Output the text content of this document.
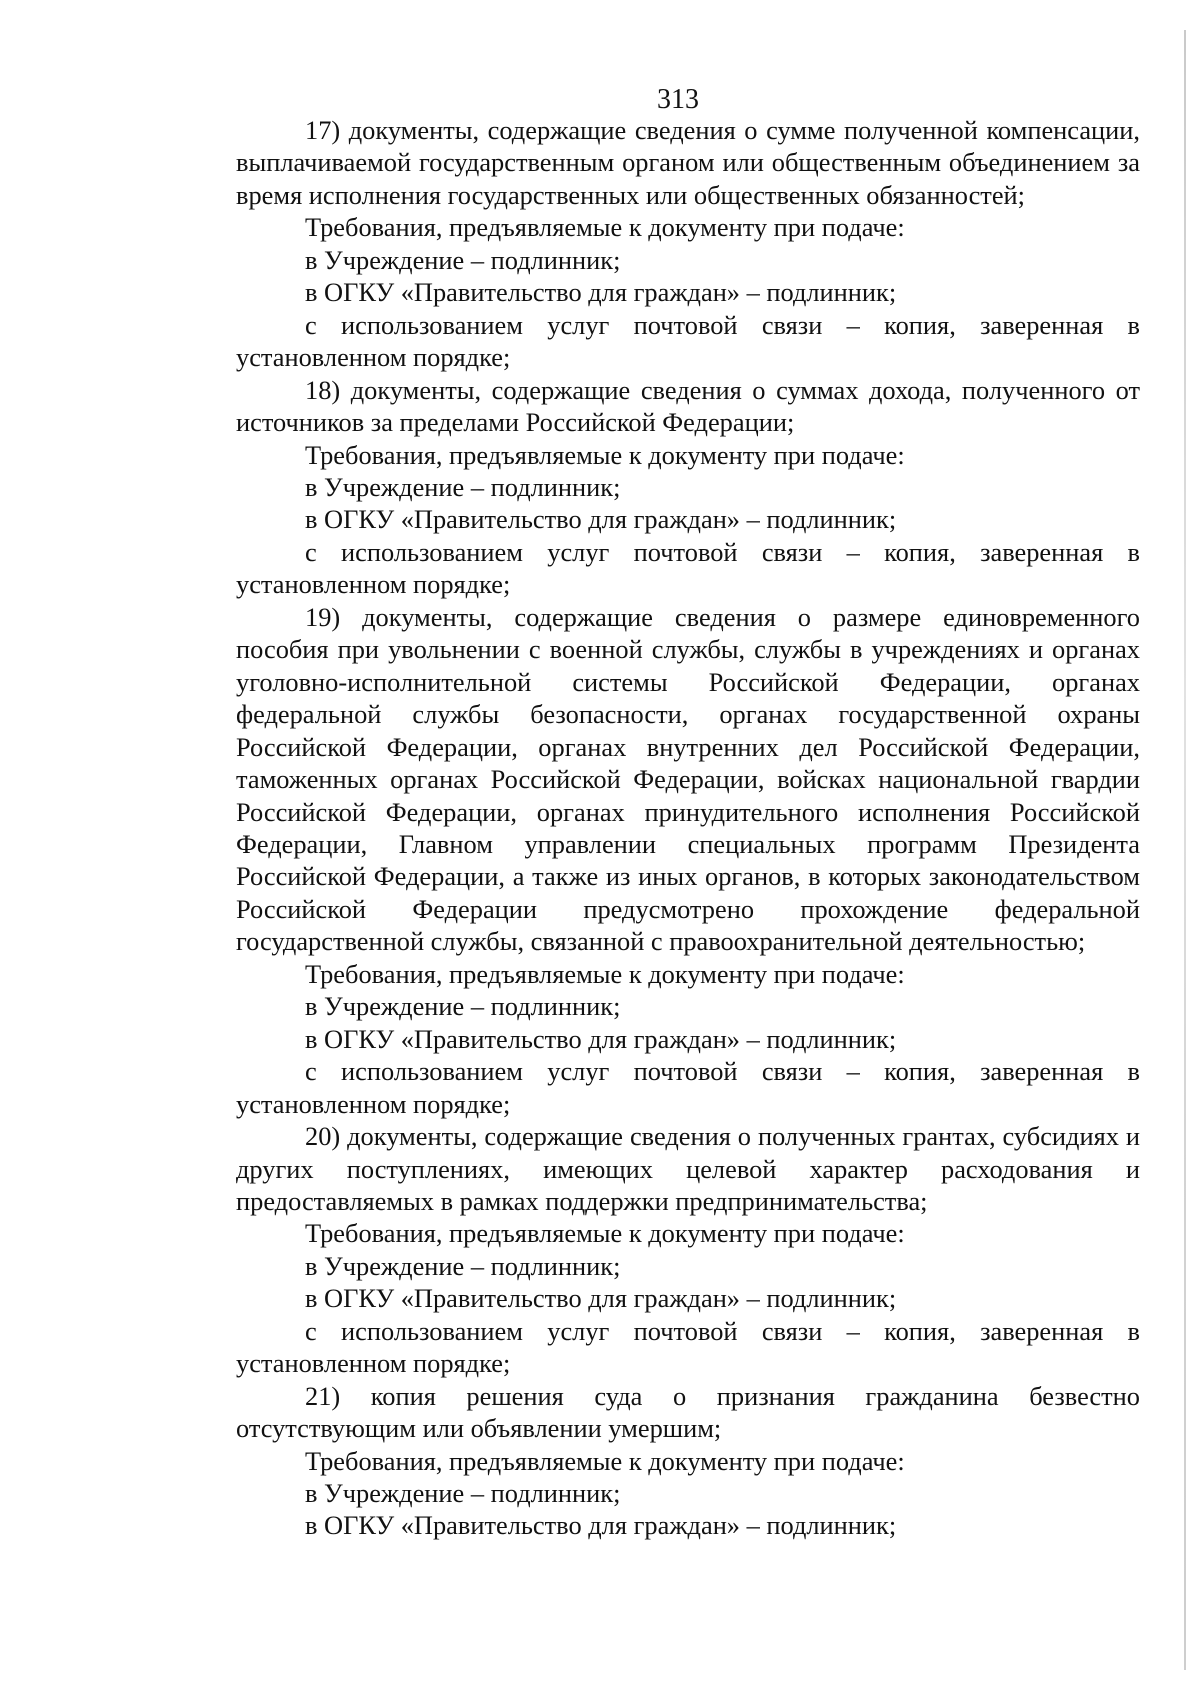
313

17) документы, содержащие сведения о сумме полученной компенсации, выплачиваемой государственным органом или общественным объединением за время исполнения государственных или общественных обязанностей;

Требования, предъявляемые к документу при подаче:

в Учреждение – подлинник;

в ОГКУ «Правительство для граждан» – подлинник;

с использованием услуг почтовой связи – копия, заверенная в установленном порядке;

18) документы, содержащие сведения о суммах дохода, полученного от источников за пределами Российской Федерации;

Требования, предъявляемые к документу при подаче:

в Учреждение – подлинник;

в ОГКУ «Правительство для граждан» – подлинник;

с использованием услуг почтовой связи – копия, заверенная в установленном порядке;

19) документы, содержащие сведения о размере единовременного пособия при увольнении с военной службы, службы в учреждениях и органах уголовно-исполнительной системы Российской Федерации, органах федеральной службы безопасности, органах государственной охраны Российской Федерации, органах внутренних дел Российской Федерации, таможенных органах Российской Федерации, войсках национальной гвардии Российской Федерации, органах принудительного исполнения Российской Федерации, Главном управлении специальных программ Президента Российской Федерации, а также из иных органов, в которых законодательством Российской Федерации предусмотрено прохождение федеральной государственной службы, связанной с правоохранительной деятельностью;

Требования, предъявляемые к документу при подаче:

в Учреждение – подлинник;

в ОГКУ «Правительство для граждан» – подлинник;

с использованием услуг почтовой связи – копия, заверенная в установленном порядке;

20) документы, содержащие сведения о полученных грантах, субсидиях и других поступлениях, имеющих целевой характер расходования и предоставляемых в рамках поддержки предпринимательства;

Требования, предъявляемые к документу при подаче:

в Учреждение – подлинник;

в ОГКУ «Правительство для граждан» – подлинник;

с использованием услуг почтовой связи – копия, заверенная в установленном порядке;

21) копия решения суда о признания гражданина безвестно отсутствующим или объявлении умершим;

Требования, предъявляемые к документу при подаче:

в Учреждение – подлинник;

в ОГКУ «Правительство для граждан» – подлинник;
